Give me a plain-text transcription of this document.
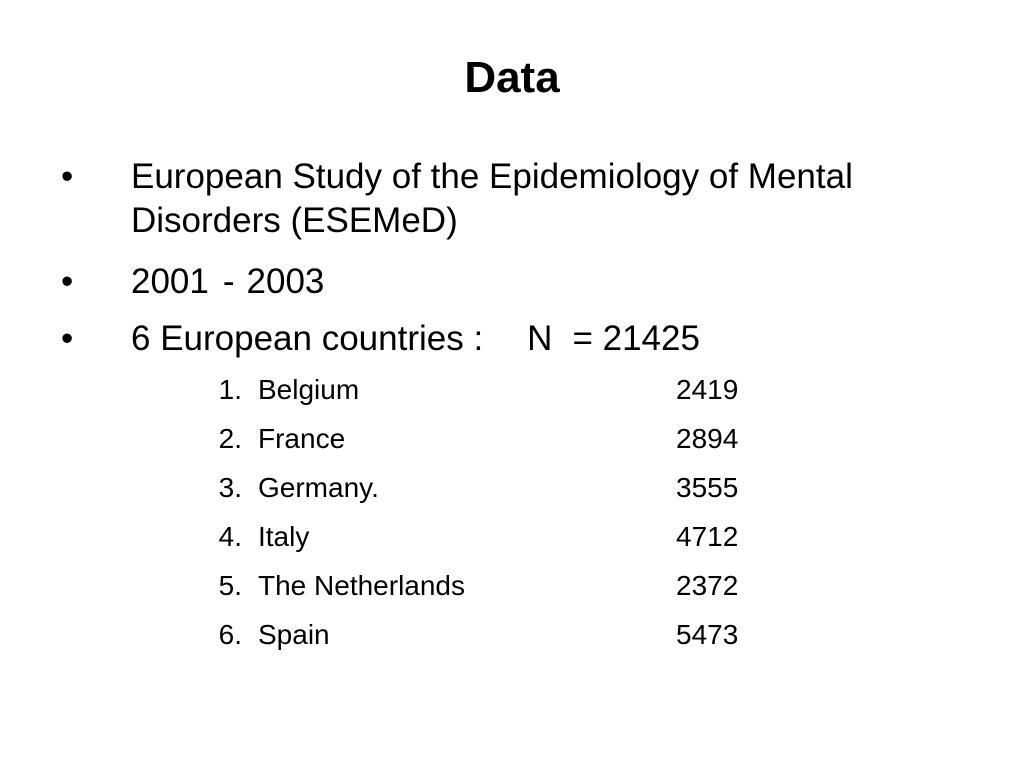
Data
• European Study of the Epidemiology of Mental Disorders (ESEMeD)
• 2001 - 2003
• 6 European countries : N = 21425
1. Belgium	2419
2. France	2894
3. Germany.	3555
4. Italy	4712
5. The Netherlands	2372
6. Spain	5473
